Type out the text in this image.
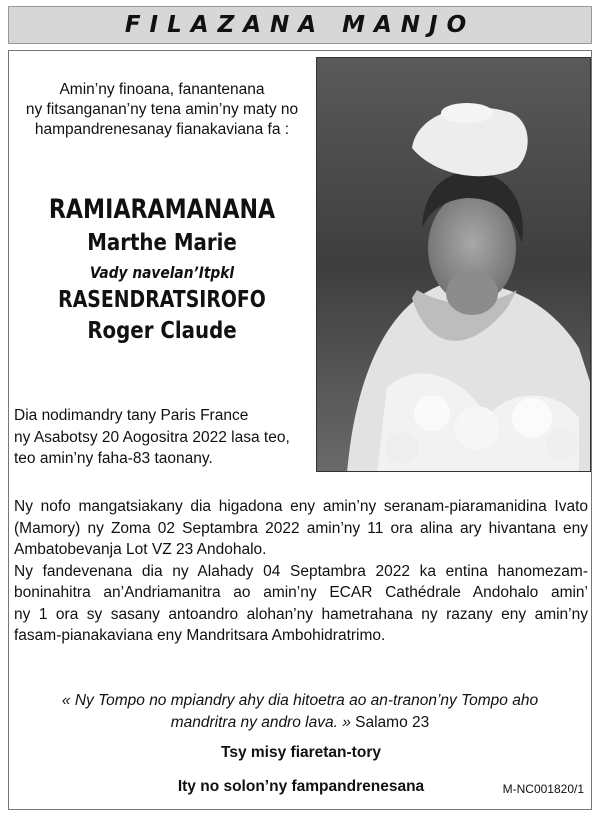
FILAZANA MANJO
Amin’ny finoana, fanantenana
ny fitsanganan’ny tena amin’ny maty no
hampandrenesanay fianakaviana fa :
RAMIARAMANANA
Marthe Marie
Vady navelan’Itpkl
RASENDRATSIROFO
Roger Claude
Dia nodimandry tany Paris France
ny Asabotsy 20 Aogositra 2022 lasa teo,
teo amin’ny faha-83 taonany.
Ny nofo mangatsiakany dia higadona eny amin’ny seranam-piaramanidina Ivato
(Mamory) ny Zoma 02 Septambra 2022 amin’ny 11 ora alina ary hivantana eny
Ambatobevanja Lot VZ 23 Andohalo.
Ny fandevenana dia ny Alahady 04 Septambra 2022 ka entina hanomezam-
boninahitra an’Andriamanitra ao amin’ny ECAR Cathédrale Andohalo amin’
ny 1 ora sy sasany antoandro alohan’ny hametrahana ny razany eny amin’ny
fasam-pianakaviana eny Mandritsara Ambohidratrimo.
« Ny Tompo no mpiandry ahy dia hitoetra ao an-tranon’ny Tompo aho
mandritra ny andro lava. » Salamo 23
Tsy misy fiaretan-tory
Ity no solon’ny fampandrenesana	M-NC001820/1
